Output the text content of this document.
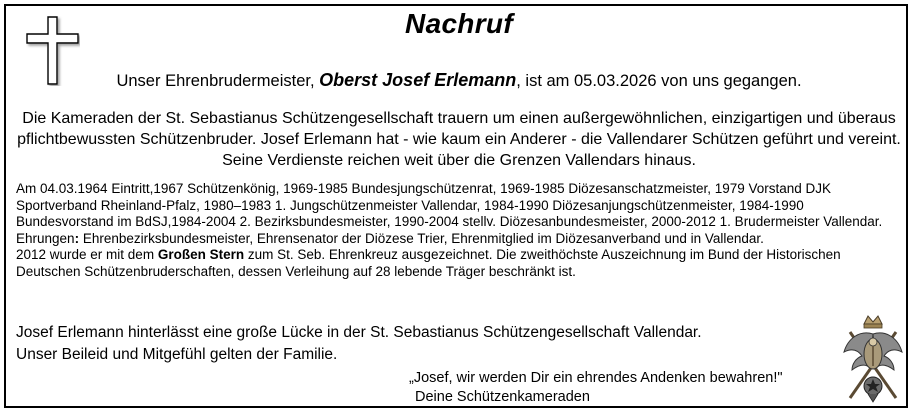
Nachruf
Unser Ehrenbrudermeister, Oberst Josef Erlemann, ist am 05.03.2026 von uns gegangen.
Die Kameraden der St. Sebastianus Schützengesellschaft trauern um einen außergewöhnlichen, einzigartigen und überaus pflichtbewussten Schützenbruder. Josef Erlemann hat - wie kaum ein Anderer - die Vallendarer Schützen geführt und vereint. Seine Verdienste reichen weit über die Grenzen Vallendars hinaus.
Am 04.03.1964 Eintritt,1967 Schützenkönig, 1969-1985 Bundesjungschützenrat, 1969-1985 Diözesanschatzmeister, 1979 Vorstand DJK Sportverband Rheinland-Pfalz, 1980–1983 1. Jungschützenmeister Vallendar, 1984-1990 Diözesanjungschützenmeister, 1984-1990 Bundesvorstand im BdSJ,1984-2004 2. Bezirksbundesmeister, 1990-2004 stellv. Diözesanbundesmeister, 2000-2012 1. Brudermeister Vallendar.
Ehrungen: Ehrenbezirksbundesmeister, Ehrensenator der Diözese Trier, Ehrenmitglied im Diözesanverband und in Vallendar.
2012 wurde er mit dem Großen Stern zum St. Seb. Ehrenkreuz ausgezeichnet. Die zweithöchste Auszeichnung im Bund der Historischen Deutschen Schützenbruderschaften, dessen Verleihung auf 28 lebende Träger beschränkt ist.
Josef Erlemann hinterlässt eine große Lücke in der St. Sebastianus Schützengesellschaft Vallendar.
Unser Beileid und Mitgefühl gelten der Familie.
„Josef, wir werden Dir ein ehrendes Andenken bewahren!"
Deine Schützenkameraden
